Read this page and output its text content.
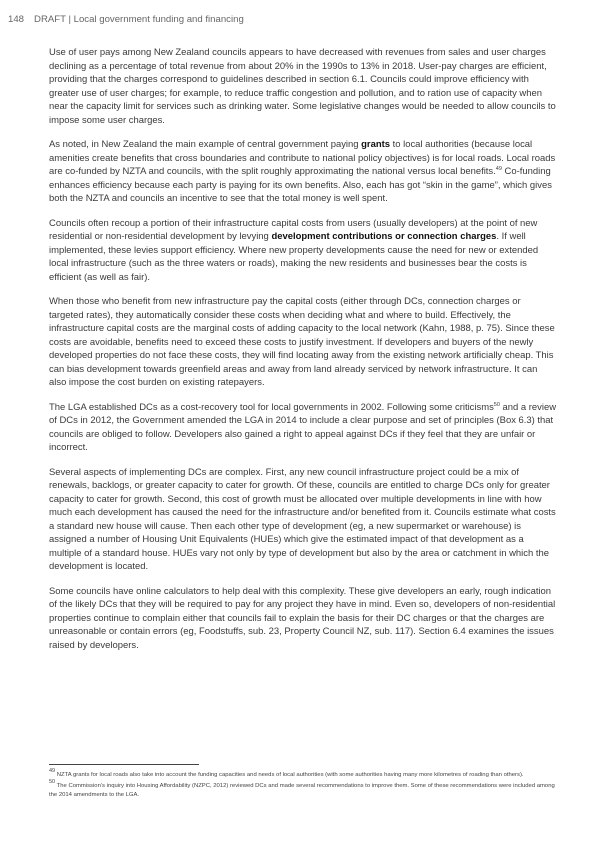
148 DRAFT | Local government funding and financing

Use of user pays among New Zealand councils appears to have decreased with revenues from sales and user charges declining as a percentage of total revenue from about 20% in the 1990s to 13% in 2018. User-pay charges are efficient, providing that the charges correspond to guidelines described in section 6.1. Councils could improve efficiency with greater use of user charges; for example, to reduce traffic congestion and pollution, and to ration use of capacity when near the capacity limit for services such as drinking water. Some legislative changes would be needed to allow councils to impose some user charges.

As noted, in New Zealand the main example of central government paying grants to local authorities (because local amenities create benefits that cross boundaries and contribute to national policy objectives) is for local roads. Local roads are co-funded by NZTA and councils, with the split roughly approximating the national versus local benefits.$^{49}$ Co-funding enhances efficiency because each party is paying for its own benefits. Also, each has got “skin in the game”, which gives both the NZTA and councils an incentive to see that the total money is well spent.

Councils often recoup a portion of their infrastructure capital costs from users (usually developers) at the point of new residential or non-residential development by levying development contributions or connection charges. If well implemented, these levies support efficiency. Where new property developments cause the need for new or extended local infrastructure (such as the three waters or roads), making the new residents and businesses bear the costs is efficient (as well as fair).

When those who benefit from new infrastructure pay the capital costs (either through DCs, connection charges or targeted rates), they automatically consider these costs when deciding what and where to build. Effectively, the infrastructure capital costs are the marginal costs of adding capacity to the local network (Kahn, 1988, p. 75). Since these costs are avoidable, benefits need to exceed these costs to justify investment. If developers and buyers of the newly developed properties do not face these costs, they will find locating away from the existing network artificially cheap. This can bias development towards greenfield areas and away from land already serviced by network infrastructure. It can also impose the cost burden on existing ratepayers.

The LGA established DCs as a cost-recovery tool for local governments in 2002. Following some criticisms$^{50}$ and a review of DCs in 2012, the Government amended the LGA in 2014 to include a clear purpose and set of principles (Box 6.3) that councils are obliged to follow. Developers also gained a right to appeal against DCs if they feel that they are unfair or incorrect.

Several aspects of implementing DCs are complex. First, any new council infrastructure project could be a mix of renewals, backlogs, or greater capacity to cater for growth. Of these, councils are entitled to charge DCs only for greater capacity to cater for growth. Second, this cost of growth must be allocated over multiple developments in line with how much each development has caused the need for the infrastructure and/or benefited from it. Councils estimate what costs a standard new house will cause. Then each other type of development (eg, a new supermarket or warehouse) is assigned a number of Housing Unit Equivalents (HUEs) which give the estimated impact of that development as a multiple of a standard house. HUEs vary not only by type of development but also by the area or catchment in which the development is located.

Some councils have online calculators to help deal with this complexity. These give developers an early, rough indication of the likely DCs that they will be required to pay for any project they have in mind. Even so, developers of non-residential properties continue to complain either that councils fail to explain the basis for their DC charges or that the charges are unreasonable or contain errors (eg, Foodstuffs, sub. 23, Property Council NZ, sub. 117). Section 6.4 examines the issues raised by developers.

$^{49}$ NZTA grants for local roads also take into account the funding capacities and needs of local authorities (with some authorities having many more kilometres of roading than others).

$^{50}$ The Commission’s inquiry into Housing Affordability (NZPC, 2012) reviewed DCs and made several recommendations to improve them. Some of these recommendations were included among the 2014 amendments to the LGA.
